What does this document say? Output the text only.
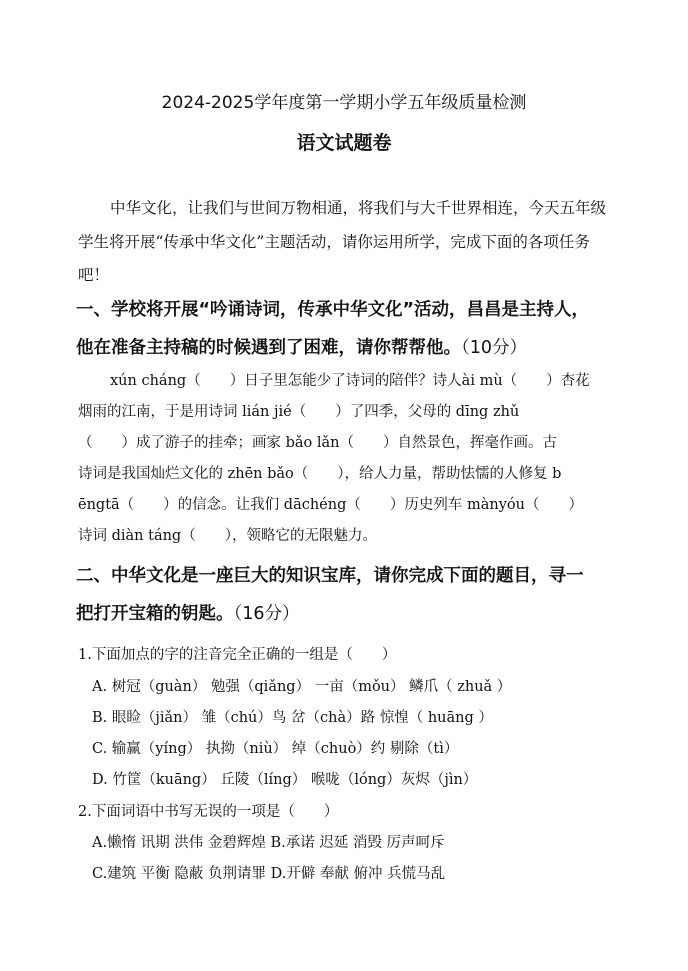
2024-2025学年度第一学期小学五年级质量检测
语文试题卷
中华文化，让我们与世间万物相通，将我们与大千世界相连，今天五年级
学生将开展“传承中华文化”主题活动，请你运用所学，完成下面的各项任务
吧！
一、学校将开展“吟诵诗词，传承中华文化”活动，昌昌是主持人，
他在准备主持稿的时候遇到了困难，请你帮帮他。（10分）
xún cháng（　　）日子里怎能少了诗词的陪伴？诗人ài mù（　　）杏花
烟雨的江南，于是用诗词 lián jié（　　）了四季，父母的 dīng zhǔ
（　　）成了游子的挂牵；画家 bǎo lǎn（　　）自然景色，挥毫作画。古
诗词是我国灿烂文化的 zhēn bǎo（　　），给人力量，帮助怯懦的人修复 b
ēngtā（　　）的信念。让我们 dāchéng（　　）历史列车 mànyóu（　　）
诗词 diàn táng（　　），领略它的无限魅力。
二、中华文化是一座巨大的知识宝库，请你完成下面的题目，寻一
把打开宝箱的钥匙。（16分）
1.下面加点的字的注音完全正确的一组是（　　）
A. 树冠（guàn） 勉强（qiǎng） 一亩（mǒu） 鳞爪（ zhuǎ ）
B. 眼睑（jiǎn） 雏（chú）鸟 岔（chà）路 惊惶（ huāng ）
C. 输赢（yíng） 执拗（niù） 绰（chuò）约 剔除（tì）
D. 竹筐（kuāng） 丘陵（líng） 喉咙（lóng）灰烬（jìn）
2.下面词语中书写无误的一项是（　　）
A.懒惰 讯期 洪伟 金碧辉煌 B.承诺 迟延 消毁 厉声呵斥
C.建筑 平衡 隐蔽 负荆请罪 D.开僻 奉献 俯冲 兵慌马乱
